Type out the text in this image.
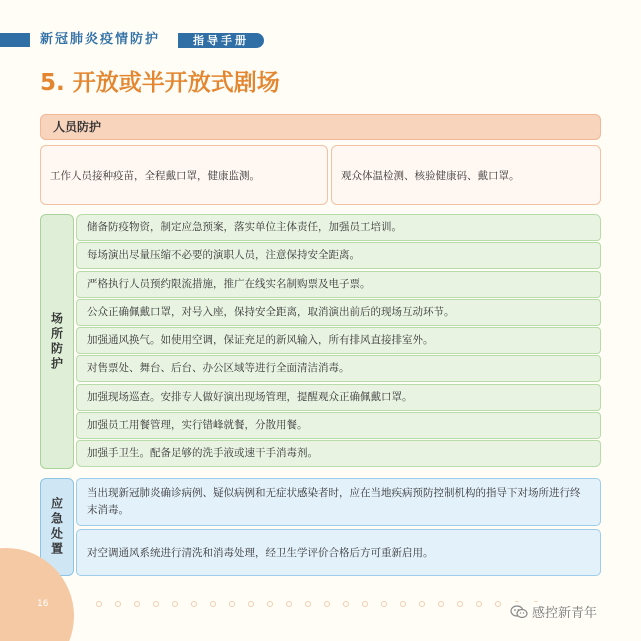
新冠肺炎疫情防护	指导手册
5. 开放或半开放式剧场
人员防护
工作人员接种疫苗，全程戴口罩，健康监测。	观众体温检测、核验健康码、戴口罩。
场所防护
储备防疫物资，制定应急预案，落实单位主体责任，加强员工培训。
每场演出尽量压缩不必要的演职人员，注意保持安全距离。
严格执行人员预约限流措施，推广在线实名制购票及电子票。
公众正确佩戴口罩，对号入座，保持安全距离，取消演出前后的现场互动环节。
加强通风换气。如使用空调，保证充足的新风输入，所有排风直接排室外。
对售票处、舞台、后台、办公区域等进行全面清洁消毒。
加强现场巡查。安排专人做好演出现场管理，提醒观众正确佩戴口罩。
加强员工用餐管理，实行错峰就餐，分散用餐。
加强手卫生。配备足够的洗手液或速干手消毒剂。
应急处置
当出现新冠肺炎确诊病例、疑似病例和无症状感染者时，应在当地疾病预防控制机构的指导下对场所进行终末消毒。
对空调通风系统进行清洗和消毒处理，经卫生学评价合格后方可重新启用。
16
感控新青年
